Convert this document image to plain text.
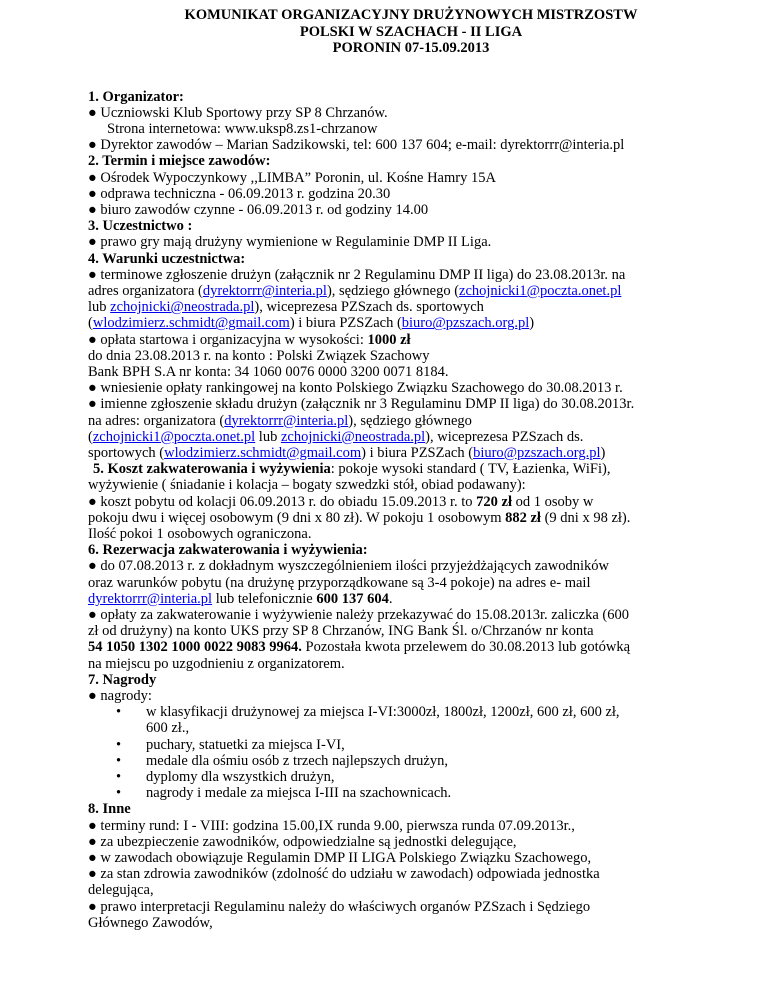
KOMUNIKAT ORGANIZACYJNY DRUŻYNOWYCH MISTRZOSTW
POLSKI W SZACHACH - II LIGA
PORONIN 07-15.09.2013
1. Organizator:
● Uczniowski Klub Sportowy przy SP 8 Chrzanów.
Strona internetowa: www.uksp8.zs1-chrzanow
● Dyrektor zawodów – Marian Sadzikowski, tel: 600 137 604; e-mail: dyrektorrr@interia.pl
2. Termin i miejsce zawodów:
● Ośrodek Wypoczynkowy ,,LIMBA” Poronin, ul. Kośne Hamry 15A
● odprawa techniczna - 06.09.2013 r. godzina 20.30
● biuro zawodów czynne - 06.09.2013 r. od godziny 14.00
3. Uczestnictwo :
● prawo gry mają drużyny wymienione w Regulaminie DMP II Liga.
4. Warunki uczestnictwa:
● terminowe zgłoszenie drużyn (załącznik nr 2 Regulaminu DMP II liga) do 23.08.2013r. na
adres organizatora (dyrektorrr@interia.pl), sędziego głównego (zchojnicki1@poczta.onet.pl
lub zchojnicki@neostrada.pl), wiceprezesa PZSzach ds. sportowych
(wlodzimierz.schmidt@gmail.com) i biura PZSZach (biuro@pzszach.org.pl)
● opłata startowa i organizacyjna w wysokości: 1000 zł
do dnia 23.08.2013 r. na konto : Polski Związek Szachowy
Bank BPH S.A nr konta: 34 1060 0076 0000 3200 0071 8184.
● wniesienie opłaty rankingowej na konto Polskiego Związku Szachowego do 30.08.2013 r.
● imienne zgłoszenie składu drużyn (załącznik nr 3 Regulaminu DMP II liga) do 30.08.2013r.
na adres: organizatora (dyrektorrr@interia.pl), sędziego głównego
(zchojnicki1@poczta.onet.pl lub zchojnicki@neostrada.pl), wiceprezesa PZSzach ds.
sportowych (wlodzimierz.schmidt@gmail.com) i biura PZSZach (biuro@pzszach.org.pl)
5. Koszt zakwaterowania i wyżywienia: pokoje wysoki standard ( TV, Łazienka, WiFi),
wyżywienie ( śniadanie i kolacja – bogaty szwedzki stół, obiad podawany):
● koszt pobytu od kolacji 06.09.2013 r. do obiadu 15.09.2013 r. to 720 zł od 1 osoby w
pokoju dwu i więcej osobowym (9 dni x 80 zł). W pokoju 1 osobowym 882 zł (9 dni x 98 zł).
Ilość pokoi 1 osobowych ograniczona.
6. Rezerwacja zakwaterowania i wyżywienia:
● do 07.08.2013 r. z dokładnym wyszczególnieniem ilości przyjeżdżających zawodników
oraz warunków pobytu (na drużynę przyporządkowane są 3-4 pokoje) na adres e- mail
dyrektorrr@interia.pl lub telefonicznie 600 137 604.
● opłaty za zakwaterowanie i wyżywienie należy przekazywać do 15.08.2013r. zaliczka (600
zł od drużyny) na konto UKS przy SP 8 Chrzanów, ING Bank Śl. o/Chrzanów nr konta
54 1050 1302 1000 0022 9083 9964. Pozostała kwota przelewem do 30.08.2013 lub gotówką
na miejscu po uzgodnieniu z organizatorem.
7. Nagrody
● nagrody:
• w klasyfikacji drużynowej za miejsca I-VI:3000zł, 1800zł, 1200zł, 600 zł, 600 zł,
600 zł.,
• puchary, statuetki za miejsca I-VI,
• medale dla ośmiu osób z trzech najlepszych drużyn,
• dyplomy dla wszystkich drużyn,
• nagrody i medale za miejsca I-III na szachownicach.
8. Inne
● terminy rund: I - VIII: godzina 15.00,IX runda 9.00, pierwsza runda 07.09.2013r.,
● za ubezpieczenie zawodników, odpowiedzialne są jednostki delegujące,
● w zawodach obowiązuje Regulamin DMP II LIGA Polskiego Związku Szachowego,
● za stan zdrowia zawodników (zdolność do udziału w zawodach) odpowiada jednostka
delegująca,
● prawo interpretacji Regulaminu należy do właściwych organów PZSzach i Sędziego
Głównego Zawodów,
